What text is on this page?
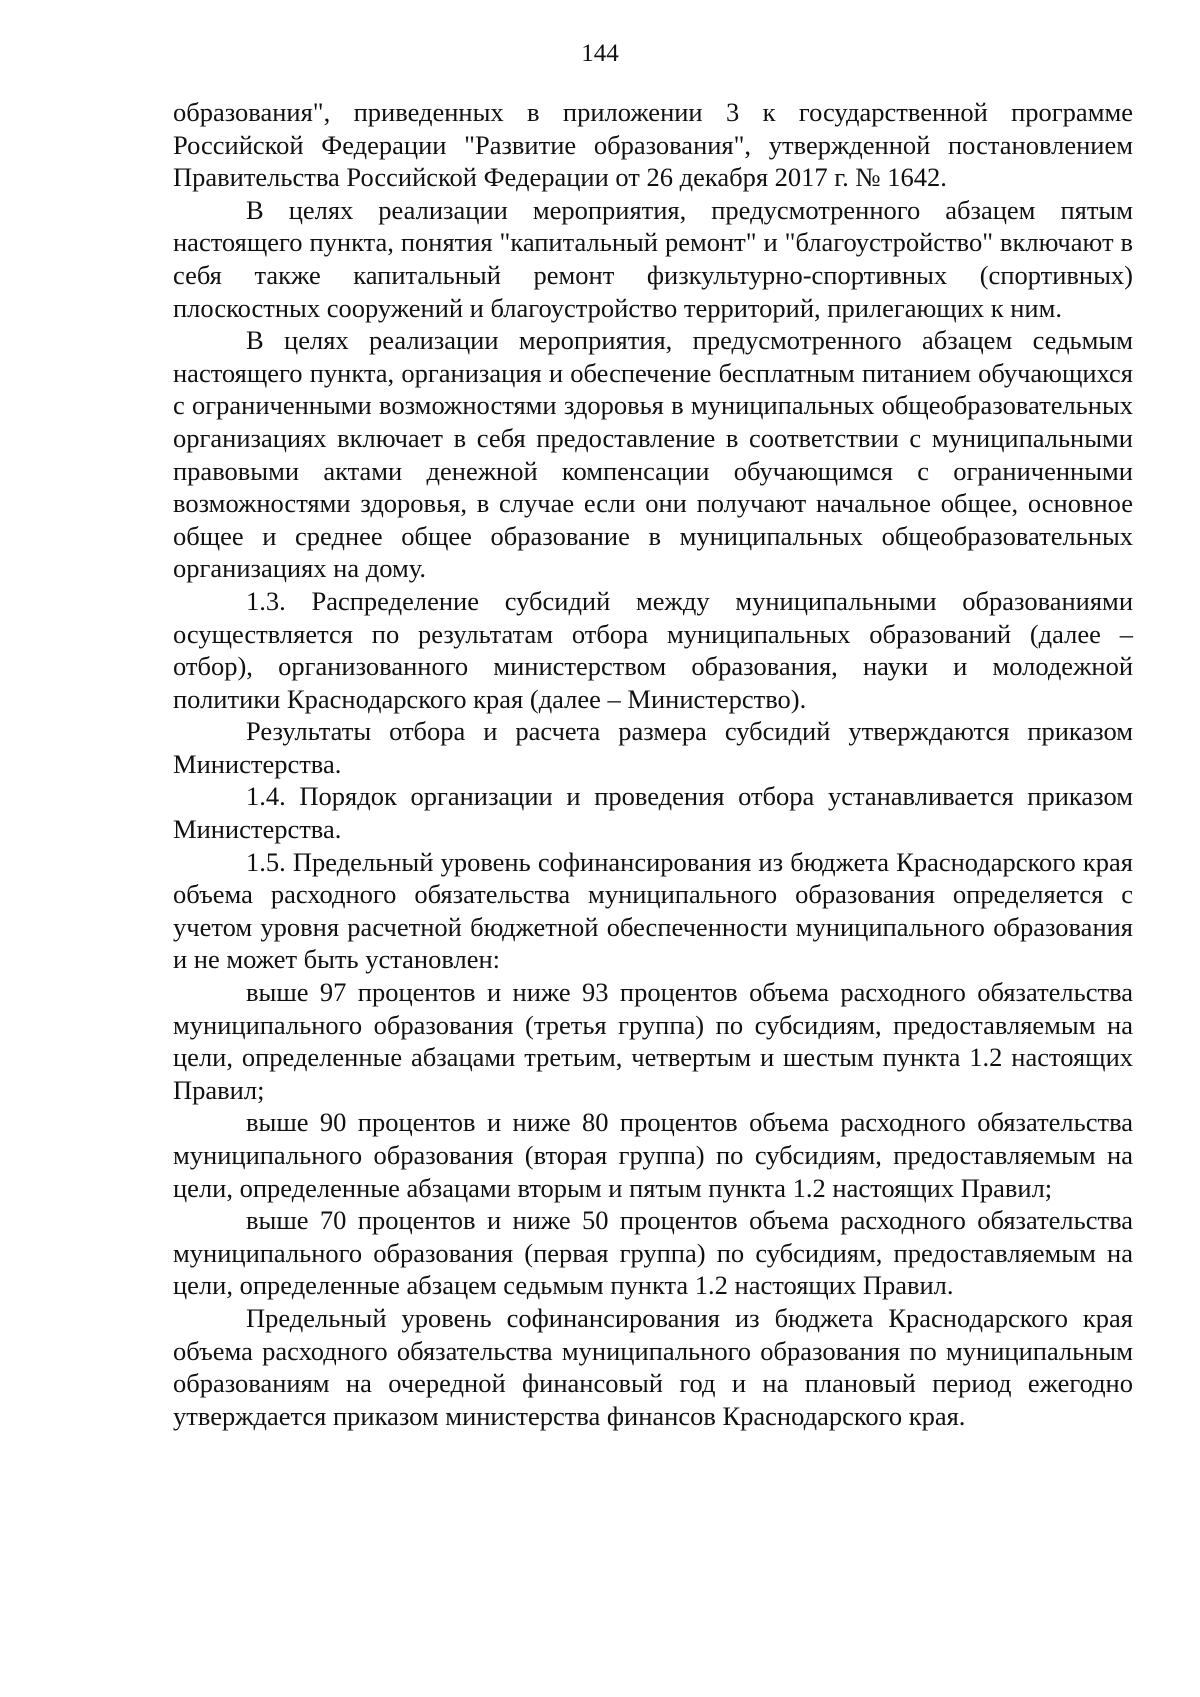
144

образования", приведенных в приложении 3 к государственной программе Российской Федерации "Развитие образования", утвержденной постановлением Правительства Российской Федерации от 26 декабря 2017 г. № 1642.

В целях реализации мероприятия, предусмотренного абзацем пятым настоящего пункта, понятия "капитальный ремонт" и "благоустройство" включают в себя также капитальный ремонт физкультурно-спортивных (спортивных) плоскостных сооружений и благоустройство территорий, прилегающих к ним.

В целях реализации мероприятия, предусмотренного абзацем седьмым настоящего пункта, организация и обеспечение бесплатным питанием обучающихся с ограниченными возможностями здоровья в муниципальных общеобразовательных организациях включает в себя предоставление в соответствии с муниципальными правовыми актами денежной компенсации обучающимся с ограниченными возможностями здоровья, в случае если они получают начальное общее, основное общее и среднее общее образование в муниципальных общеобразовательных организациях на дому.

1.3. Распределение субсидий между муниципальными образованиями осуществляется по результатам отбора муниципальных образований (далее – отбор), организованного министерством образования, науки и молодежной политики Краснодарского края (далее – Министерство).

Результаты отбора и расчета размера субсидий утверждаются приказом Министерства.

1.4. Порядок организации и проведения отбора устанавливается приказом Министерства.

1.5. Предельный уровень софинансирования из бюджета Краснодарского края объема расходного обязательства муниципального образования определяется с учетом уровня расчетной бюджетной обеспеченности муниципального образования и не может быть установлен:

выше 97 процентов и ниже 93 процентов объема расходного обязательства муниципального образования (третья группа) по субсидиям, предоставляемым на цели, определенные абзацами третьим, четвертым и шестым пункта 1.2 настоящих Правил;

выше 90 процентов и ниже 80 процентов объема расходного обязательства муниципального образования (вторая группа) по субсидиям, предоставляемым на цели, определенные абзацами вторым и пятым пункта 1.2 настоящих Правил;

выше 70 процентов и ниже 50 процентов объема расходного обязательства муниципального образования (первая группа) по субсидиям, предоставляемым на цели, определенные абзацем седьмым пункта 1.2 настоящих Правил.

Предельный уровень софинансирования из бюджета Краснодарского края объема расходного обязательства муниципального образования по муниципальным образованиям на очередной финансовый год и на плановый период ежегодно утверждается приказом министерства финансов Краснодарского края.
